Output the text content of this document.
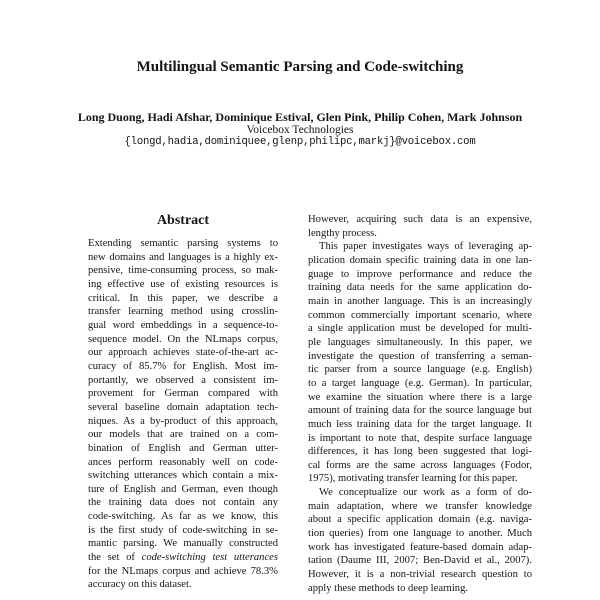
Multilingual Semantic Parsing and Code-switching
Long Duong, Hadi Afshar, Dominique Estival, Glen Pink, Philip Cohen, Mark Johnson
Voicebox Technologies
{longd,hadia,dominiquee,glenp,philipc,markj}@voicebox.com
Abstract
Extending semantic parsing systems to
new domains and languages is a highly ex-
pensive, time-consuming process, so mak-
ing effective use of existing resources is
critical. In this paper, we describe a
transfer learning method using crosslin-
gual word embeddings in a sequence-to-
sequence model. On the NLmaps corpus,
our approach achieves state-of-the-art ac-
curacy of 85.7% for English. Most im-
portantly, we observed a consistent im-
provement for German compared with
several baseline domain adaptation tech-
niques. As a by-product of this approach,
our models that are trained on a com-
bination of English and German utter-
ances perform reasonably well on code-
switching utterances which contain a mix-
ture of English and German, even though
the training data does not contain any
code-switching. As far as we know, this
is the first study of code-switching in se-
mantic parsing. We manually constructed
the set of code-switching test utterances
for the NLmaps corpus and achieve 78.3%
accuracy on this dataset.
However, acquiring such data is an expensive,
lengthy process.
This paper investigates ways of leveraging ap-
plication domain specific training data in one lan-
guage to improve performance and reduce the
training data needs for the same application do-
main in another language. This is an increasingly
common commercially important scenario, where
a single application must be developed for multi-
ple languages simultaneously. In this paper, we
investigate the question of transferring a seman-
tic parser from a source language (e.g. English)
to a target language (e.g. German). In particular,
we examine the situation where there is a large
amount of training data for the source language but
much less training data for the target language. It
is important to note that, despite surface language
differences, it has long been suggested that logi-
cal forms are the same across languages (Fodor,
1975), motivating transfer learning for this paper.
We conceptualize our work as a form of do-
main adaptation, where we transfer knowledge
about a specific application domain (e.g. naviga-
tion queries) from one language to another. Much
work has investigated feature-based domain adap-
tation (Daume III, 2007; Ben-David et al., 2007).
However, it is a non-trivial research question to
apply these methods to deep learning.
